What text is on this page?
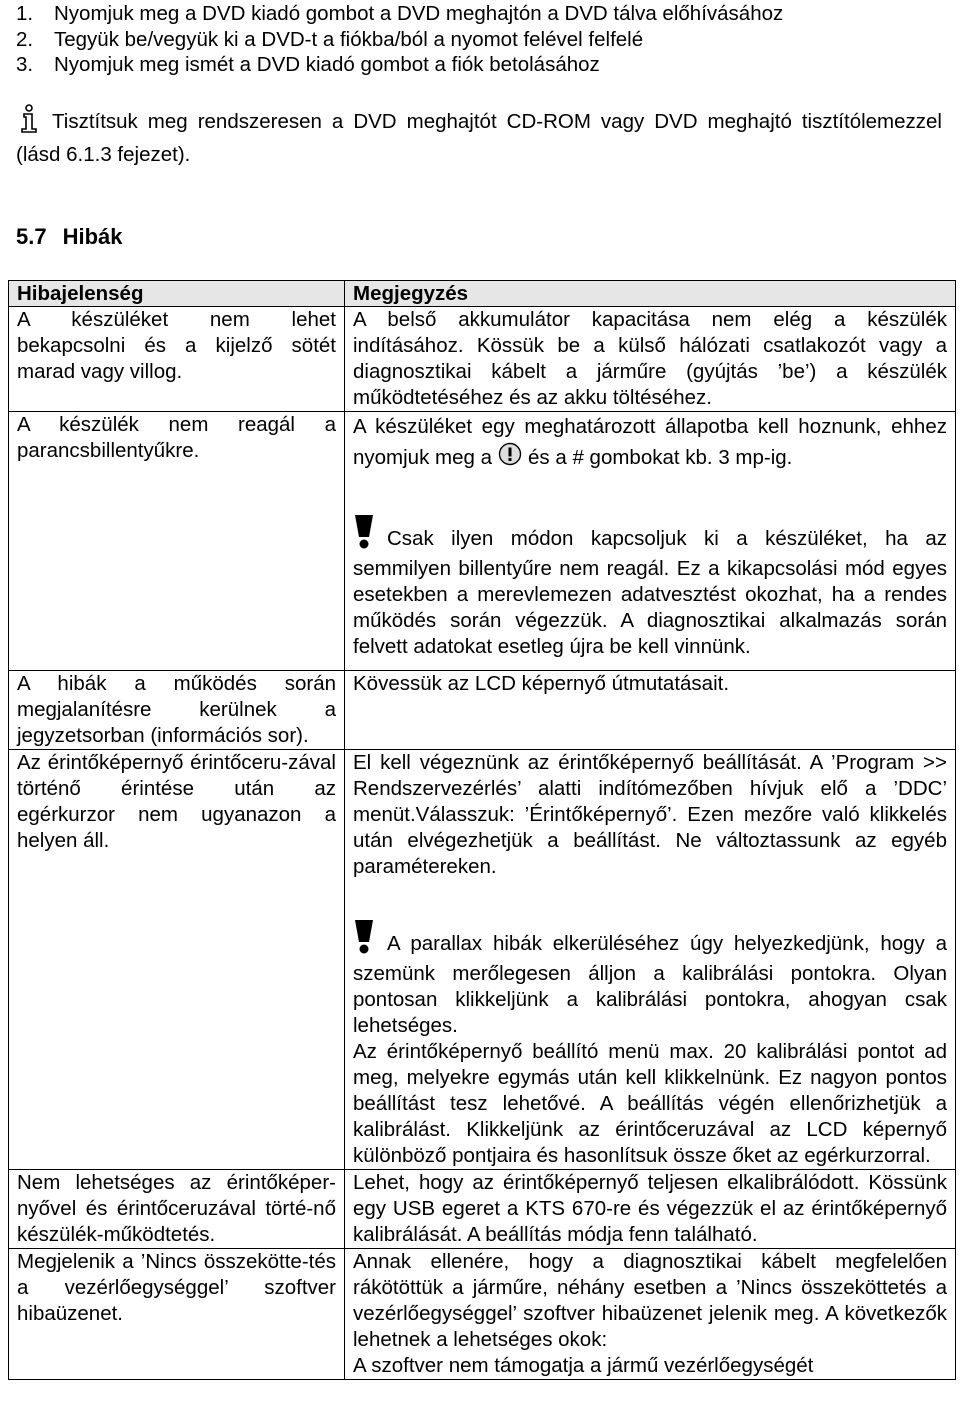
1. Nyomjuk meg a DVD kiadó gombot a DVD meghajtón a DVD tálva előhívásához
2. Tegyük be/vegyük ki a DVD-t a fiókba/ból a nyomot felével felfelé
3. Nyomjuk meg ismét a DVD kiadó gombot a fiók betolásához
Tisztítsuk meg rendszeresen a DVD meghajtót CD-ROM vagy DVD meghajtó tisztítólemezzel (lásd 6.1.3 fejezet).
5.7 Hibák
Hibajelenség	Megjegyzés
A készüléket nem lehet bekapcsolni és a kijelző sötét marad vagy villog.	A belső akkumulátor kapacitása nem elég a készülék indításához. Kössük be a külső hálózati csatlakozót vagy a diagnosztikai kábelt a járműre (gyújtás ’be’) a készülék működtetéséhez és az akku töltéséhez.
A készülék nem reagál a parancsbillentyűkre.	A készüléket egy meghatározott állapotba kell hoznunk, ehhez nyomjuk meg a és a # gombokat kb. 3 mp-ig.
Csak ilyen módon kapcsoljuk ki a készüléket, ha az semmilyen billentyűre nem reagál. Ez a kikapcsolási mód egyes esetekben a merevlemezen adatvesztést okozhat, ha a rendes működés során végezzük. A diagnosztikai alkalmazás során felvett adatokat esetleg újra be kell vinnünk.

A hibák a működés során megjalanítésre kerülnek a jegyzetsorban (információs sor).	Kövessük az LCD képernyő útmutatásait.
Az érintőképernyő érintőceru-zával történő érintése után az egérkurzor nem ugyanazon a helyen áll.	El kell végeznünk az érintőképernyő beállítását. A ’Program >> Rendszervezérlés’ alatti indítómezőben hívjuk elő a ’DDC’ menüt.Válasszuk: ’Érintőképernyő’. Ezen mezőre való klikkelés után elvégezhetjük a beállítást. Ne változtassunk az egyéb paramétereken.
A parallax hibák elkerüléséhez úgy helyezkedjünk, hogy a szemünk merőlegesen álljon a kalibrálási pontokra. Olyan pontosan klikkeljünk a kalibrálási pontokra, ahogyan csak lehetséges.
Az érintőképernyő beállító menü max. 20 kalibrálási pontot ad meg, melyekre egymás után kell klikkelnünk. Ez nagyon pontos beállítást tesz lehetővé. A beállítás végén ellenőrizhetjük a kalibrálást. Klikkeljünk az érintőceruzával az LCD képernyő különböző pontjaira és hasonlítsuk össze őket az egérkurzorral.

Nem lehetséges az érintőképer-nyővel és érintőceruzával törté-nő készülék-működtetés.	Lehet, hogy az érintőképernyő teljesen elkalibrálódott. Kössünk egy USB egeret a KTS 670-re és végezzük el az érintőképernyő kalibrálását. A beállítás módja fenn található.
Megjelenik a ’Nincs összekötte-tés a vezérlőegységgel’ szoftver hibaüzenet.	Annak ellenére, hogy a diagnosztikai kábelt megfelelően rákötöttük a járműre, néhány esetben a ’Nincs összeköttetés a vezérlőegységgel’ szoftver hibaüzenet jelenik meg. A következők lehetnek a lehetséges okok:
A szoftver nem támogatja a jármű vezérlőegységét
